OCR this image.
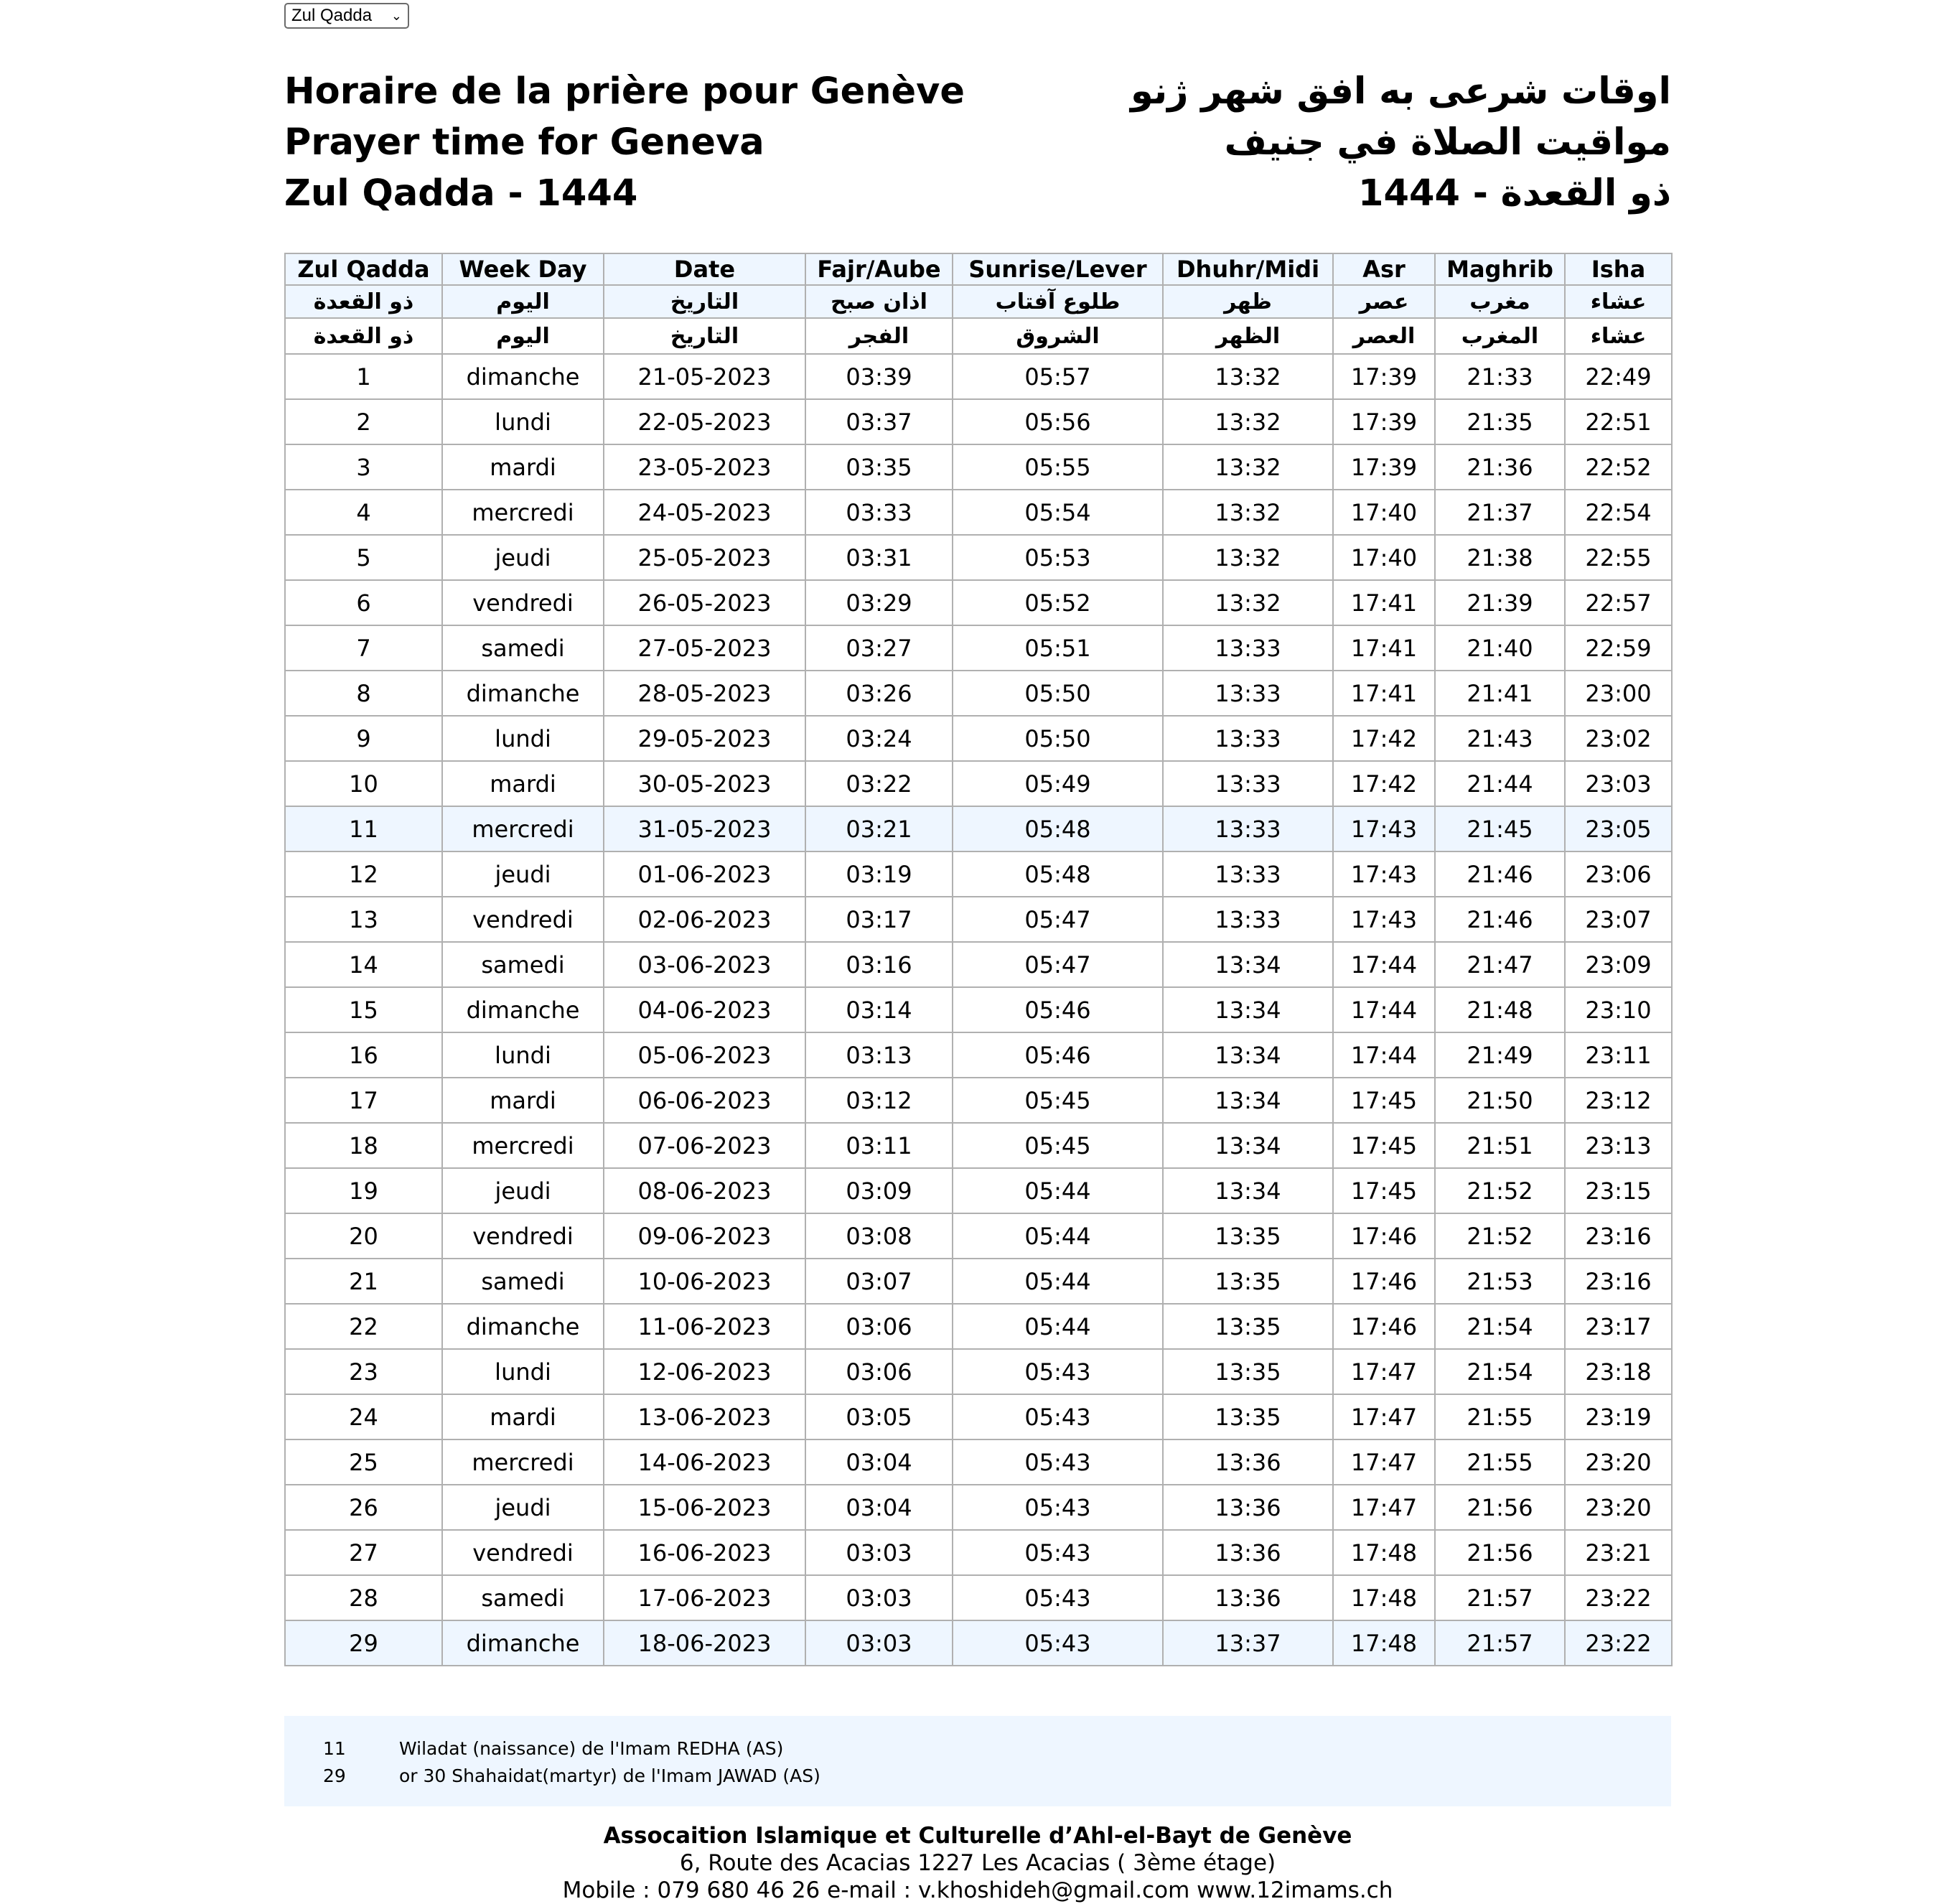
Zul Qadda ⌄
Horaire de la prière pour Genève
Prayer time for Geneva
Zul Qadda - 1444
اوقات شرعی به افق شهر ژنو
مواقيت الصلاة في جنيف
ذو القعدة - 1444
Zul Qadda	Week Day	Date	Fajr/Aube	Sunrise/Lever	Dhuhr/Midi	Asr	Maghrib	Isha
ذو القعدة	اليوم	التاريخ	اذان صبح	طلوع آفتاب	ظهر	عصر	مغرب	عشاء
ذو القعدة	اليوم	التاريخ	الفجر	الشروق	الظهر	العصر	المغرب	عشاء
1	dimanche	21-05-2023	03:39	05:57	13:32	17:39	21:33	22:49
2	lundi	22-05-2023	03:37	05:56	13:32	17:39	21:35	22:51
3	mardi	23-05-2023	03:35	05:55	13:32	17:39	21:36	22:52
4	mercredi	24-05-2023	03:33	05:54	13:32	17:40	21:37	22:54
5	jeudi	25-05-2023	03:31	05:53	13:32	17:40	21:38	22:55
6	vendredi	26-05-2023	03:29	05:52	13:32	17:41	21:39	22:57
7	samedi	27-05-2023	03:27	05:51	13:33	17:41	21:40	22:59
8	dimanche	28-05-2023	03:26	05:50	13:33	17:41	21:41	23:00
9	lundi	29-05-2023	03:24	05:50	13:33	17:42	21:43	23:02
10	mardi	30-05-2023	03:22	05:49	13:33	17:42	21:44	23:03
11	mercredi	31-05-2023	03:21	05:48	13:33	17:43	21:45	23:05
12	jeudi	01-06-2023	03:19	05:48	13:33	17:43	21:46	23:06
13	vendredi	02-06-2023	03:17	05:47	13:33	17:43	21:46	23:07
14	samedi	03-06-2023	03:16	05:47	13:34	17:44	21:47	23:09
15	dimanche	04-06-2023	03:14	05:46	13:34	17:44	21:48	23:10
16	lundi	05-06-2023	03:13	05:46	13:34	17:44	21:49	23:11
17	mardi	06-06-2023	03:12	05:45	13:34	17:45	21:50	23:12
18	mercredi	07-06-2023	03:11	05:45	13:34	17:45	21:51	23:13
19	jeudi	08-06-2023	03:09	05:44	13:34	17:45	21:52	23:15
20	vendredi	09-06-2023	03:08	05:44	13:35	17:46	21:52	23:16
21	samedi	10-06-2023	03:07	05:44	13:35	17:46	21:53	23:16
22	dimanche	11-06-2023	03:06	05:44	13:35	17:46	21:54	23:17
23	lundi	12-06-2023	03:06	05:43	13:35	17:47	21:54	23:18
24	mardi	13-06-2023	03:05	05:43	13:35	17:47	21:55	23:19
25	mercredi	14-06-2023	03:04	05:43	13:36	17:47	21:55	23:20
26	jeudi	15-06-2023	03:04	05:43	13:36	17:47	21:56	23:20
27	vendredi	16-06-2023	03:03	05:43	13:36	17:48	21:56	23:21
28	samedi	17-06-2023	03:03	05:43	13:36	17:48	21:57	23:22
29	dimanche	18-06-2023	03:03	05:43	13:37	17:48	21:57	23:22
11	Wiladat (naissance) de l'Imam REDHA (AS)
29	or 30 Shahaidat(martyr) de l'Imam JAWAD (AS)
Assocaition Islamique et Culturelle d’Ahl-el-Bayt de Genève
6, Route des Acacias 1227 Les Acacias ( 3ème étage)
Mobile : 079 680 46 26 e-mail : v.khoshideh@gmail.com www.12imams.ch
